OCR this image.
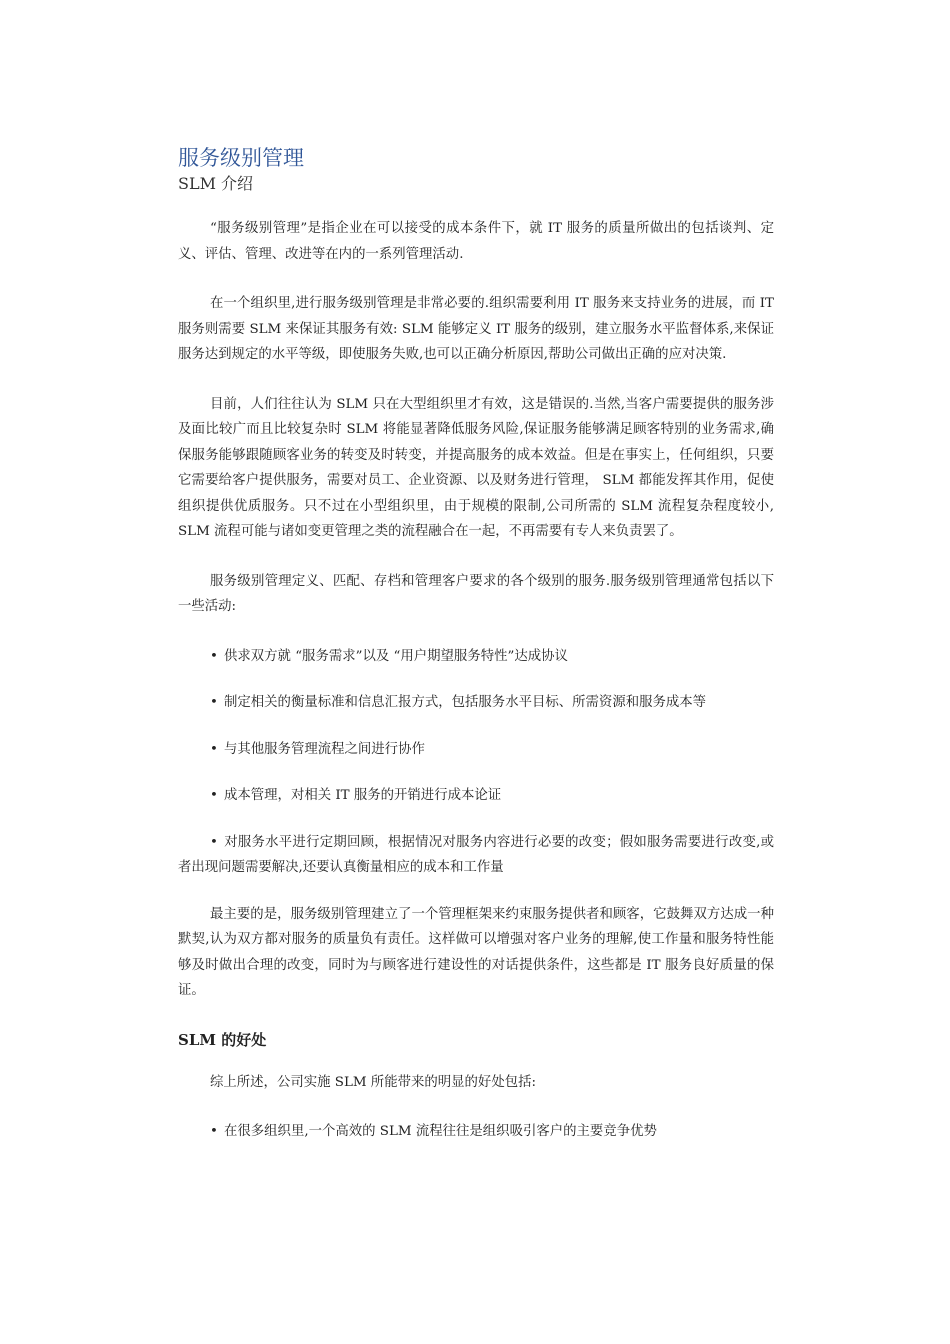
服务级别管理
SLM 介绍

“服务级别管理”是指企业在可以接受的成本条件下，就 IT 服务的质量所做出的包括谈判、定义、评估、管理、改进等在内的一系列管理活动.

在一个组织里,进行服务级别管理是非常必要的.组织需要利用 IT 服务来支持业务的进展，而 IT 服务则需要 SLM 来保证其服务有效: SLM 能够定义 IT 服务的级别，建立服务水平监督体系,来保证服务达到规定的水平等级，即使服务失败,也可以正确分析原因,帮助公司做出正确的应对决策.

目前，人们往往认为 SLM 只在大型组织里才有效，这是错误的.当然,当客户需要提供的服务涉及面比较广而且比较复杂时 SLM 将能显著降低服务风险,保证服务能够满足顾客特别的业务需求,确保服务能够跟随顾客业务的转变及时转变，并提高服务的成本效益。但是在事实上，任何组织，只要它需要给客户提供服务，需要对员工、企业资源、以及财务进行管理， SLM 都能发挥其作用，促使组织提供优质服务。只不过在小型组织里，由于规模的限制,公司所需的 SLM 流程复杂程度较小, SLM 流程可能与诸如变更管理之类的流程融合在一起，不再需要有专人来负责罢了。

服务级别管理定义、匹配、存档和管理客户要求的各个级别的服务.服务级别管理通常包括以下一些活动:

• 供求双方就 “服务需求”以及 “用户期望服务特性”达成协议

• 制定相关的衡量标准和信息汇报方式，包括服务水平目标、所需资源和服务成本等

• 与其他服务管理流程之间进行协作

• 成本管理，对相关 IT 服务的开销进行成本论证

• 对服务水平进行定期回顾，根据情况对服务内容进行必要的改变；假如服务需要进行改变,或者出现问题需要解决,还要认真衡量相应的成本和工作量

最主要的是，服务级别管理建立了一个管理框架来约束服务提供者和顾客，它鼓舞双方达成一种默契,认为双方都对服务的质量负有责任。这样做可以增强对客户业务的理解,使工作量和服务特性能够及时做出合理的改变，同时为与顾客进行建设性的对话提供条件，这些都是 IT 服务良好质量的保证。

SLM 的好处

综上所述，公司实施 SLM 所能带来的明显的好处包括:

• 在很多组织里,一个高效的 SLM 流程往往是组织吸引客户的主要竞争优势
